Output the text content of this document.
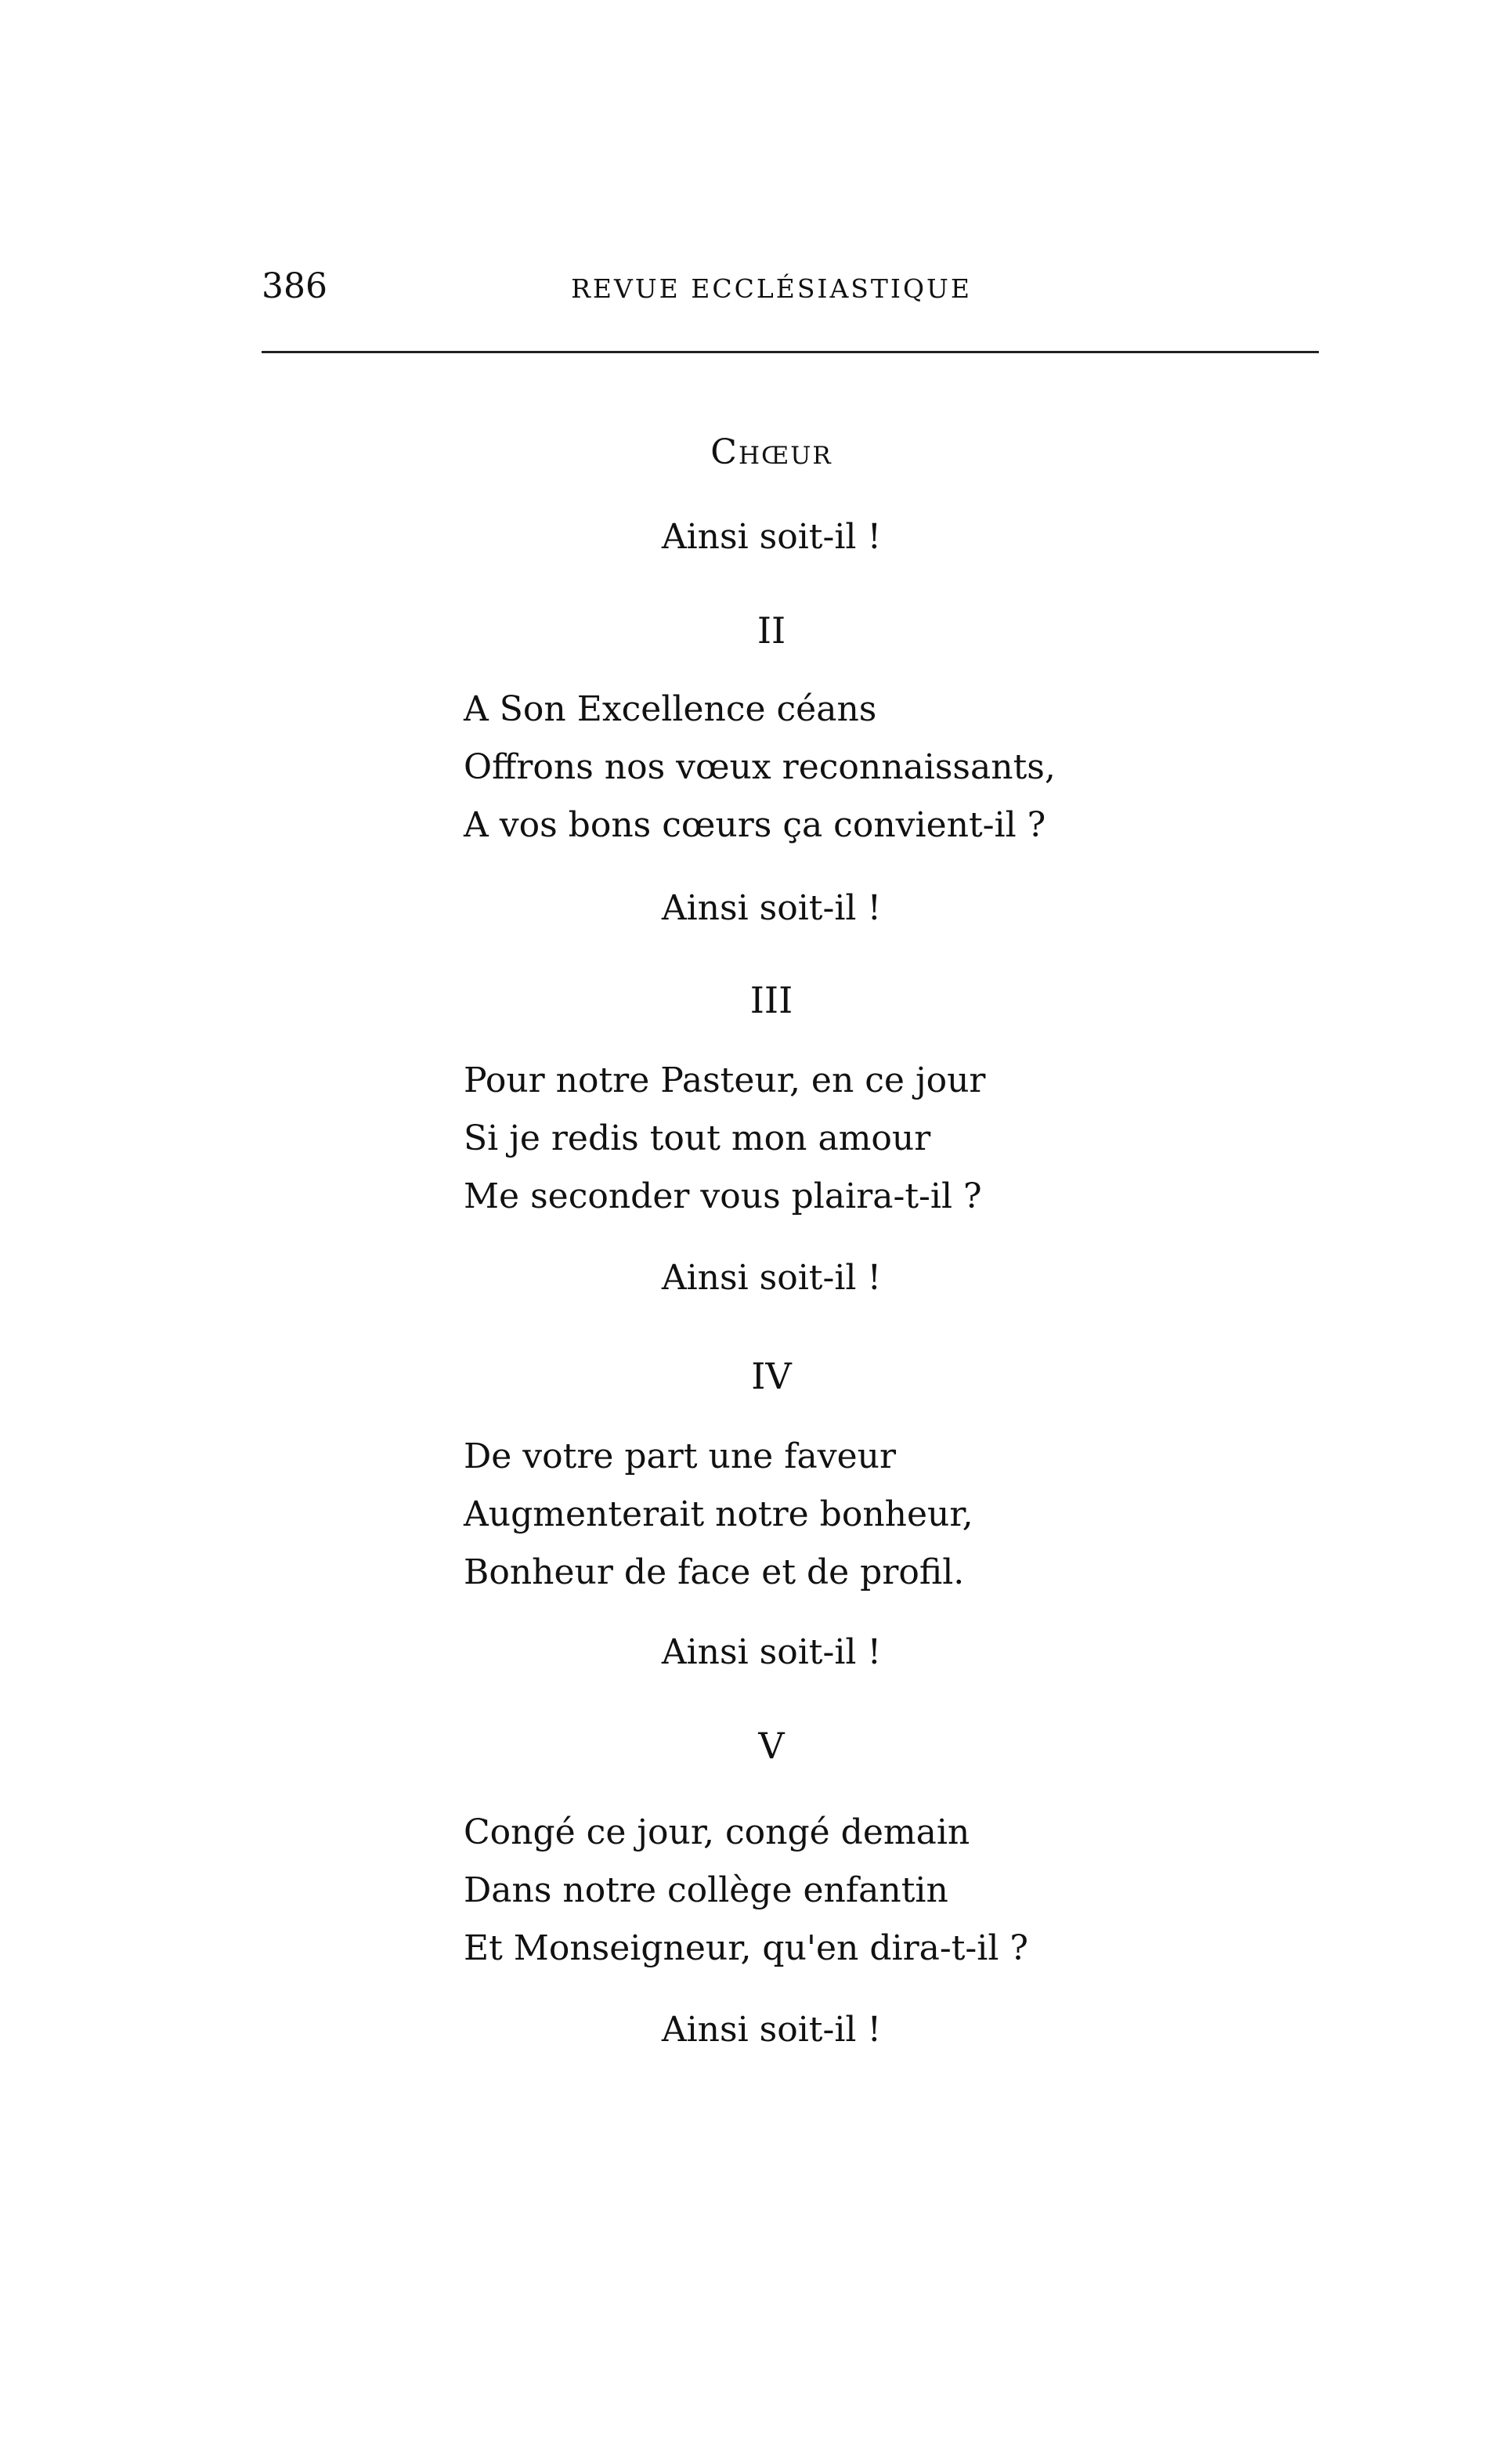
386	REVUE ECCLÉSIASTIQUE
Chœur
Ainsi soit-il !
II
A Son Excellence céans
Offrons nos vœux reconnaissants,
A vos bons cœurs ça convient-il ?
Ainsi soit-il !
III
Pour notre Pasteur, en ce jour
Si je redis tout mon amour
Me seconder vous plaira-t-il ?
Ainsi soit-il !
IV
De votre part une faveur
Augmenterait notre bonheur,
Bonheur de face et de profil.
Ainsi soit-il !
V
Congé ce jour, congé demain
Dans notre collège enfantin
Et Monseigneur, qu'en dira-t-il ?
Ainsi soit-il !
